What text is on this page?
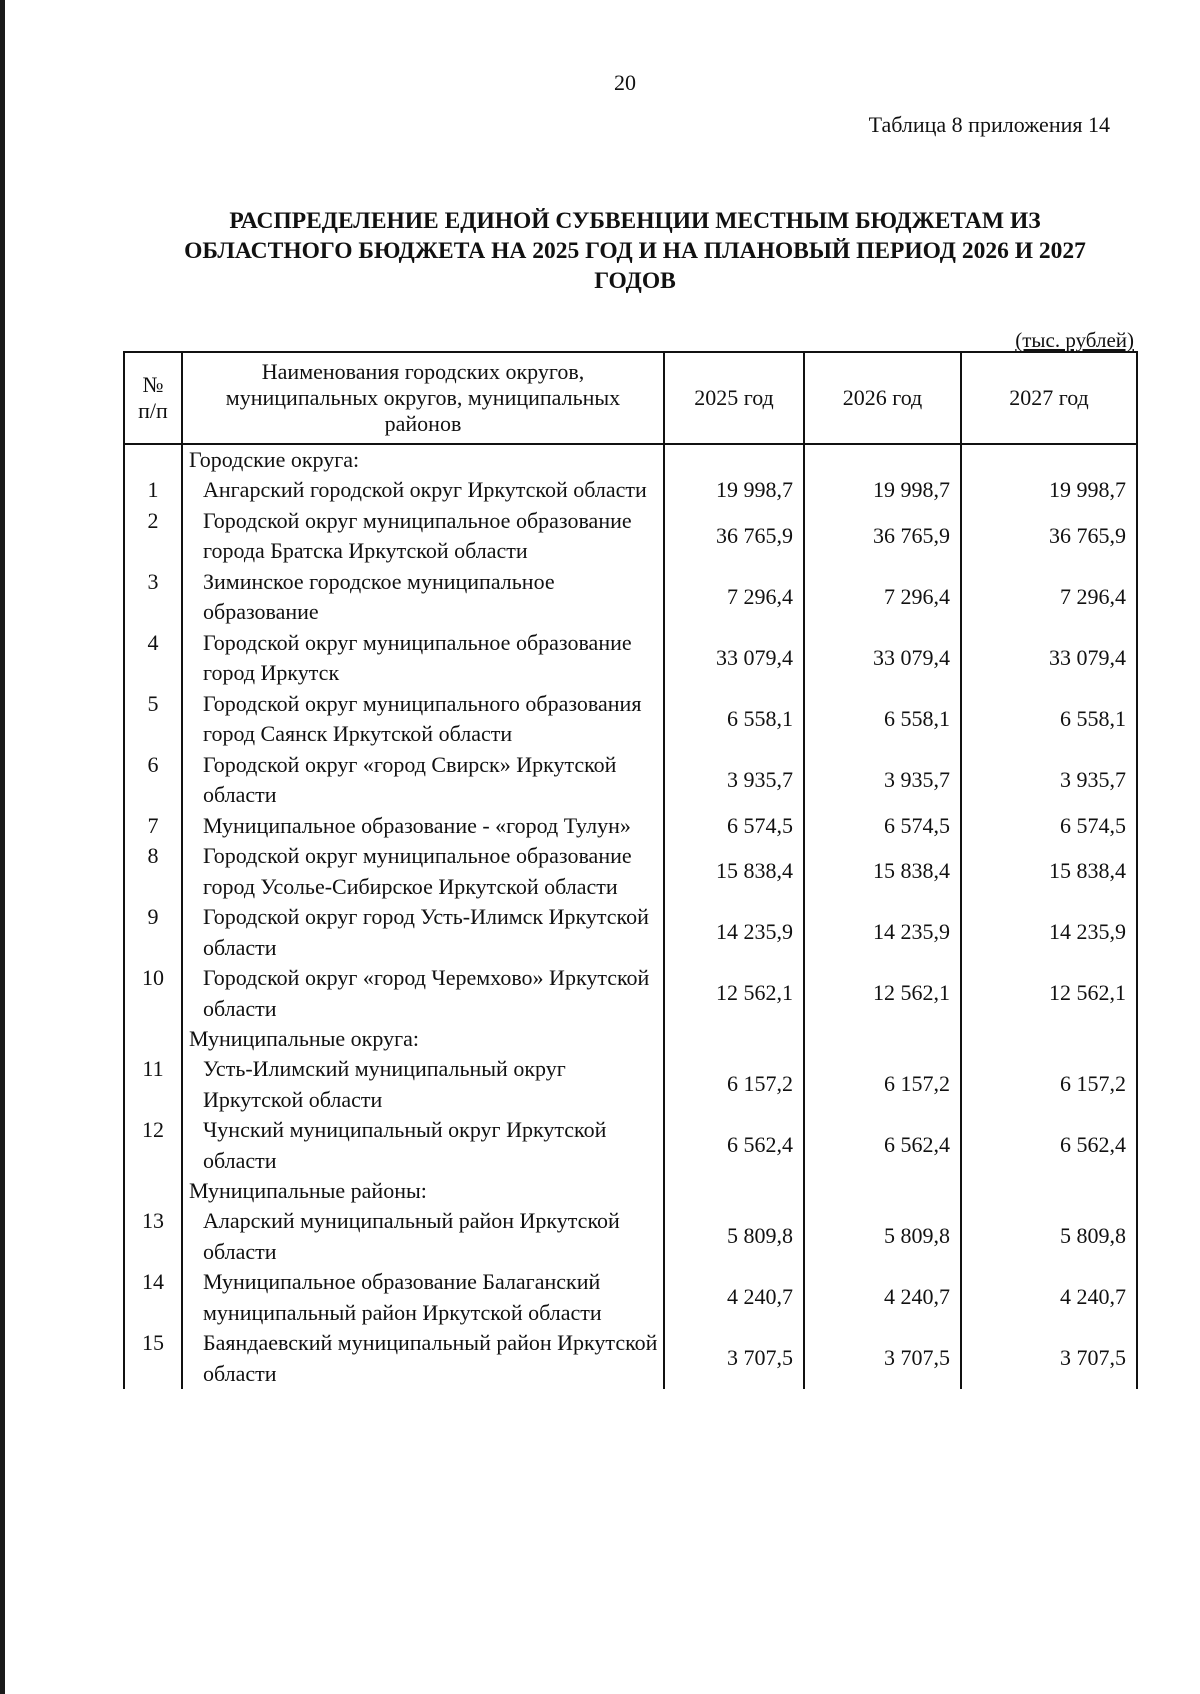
20
Таблица 8 приложения 14
РАСПРЕДЕЛЕНИЕ ЕДИНОЙ СУБВЕНЦИИ МЕСТНЫМ БЮДЖЕТАМ ИЗ ОБЛАСТНОГО БЮДЖЕТА НА 2025 ГОД И НА ПЛАНОВЫЙ ПЕРИОД 2026 И 2027 ГОДОВ
(тыс. рублей)
№ п/п	Наименования городских округов, муниципальных округов, муниципальных районов	2025 год	2026 год	2027 год
	Городские округа:			
1	Ангарский городской округ Иркутской области	19 998,7	19 998,7	19 998,7
2	Городской округ муниципальное образование города Братска Иркутской области	36 765,9	36 765,9	36 765,9
3	Зиминское городское муниципальное образование	7 296,4	7 296,4	7 296,4
4	Городской округ муниципальное образование город Иркутск	33 079,4	33 079,4	33 079,4
5	Городской округ муниципального образования город Саянск Иркутской области	6 558,1	6 558,1	6 558,1
6	Городской округ «город Свирск» Иркутской области	3 935,7	3 935,7	3 935,7
7	Муниципальное образование - «город Тулун»	6 574,5	6 574,5	6 574,5
8	Городской округ муниципальное образование город Усолье-Сибирское Иркутской области	15 838,4	15 838,4	15 838,4
9	Городской округ город Усть-Илимск Иркутской области	14 235,9	14 235,9	14 235,9
10	Городской округ «город Черемхово» Иркутской области	12 562,1	12 562,1	12 562,1
	Муниципальные округа:			
11	Усть-Илимский муниципальный округ Иркутской области	6 157,2	6 157,2	6 157,2
12	Чунский муниципальный округ Иркутской области	6 562,4	6 562,4	6 562,4
	Муниципальные районы:			
13	Аларский муниципальный район Иркутской области	5 809,8	5 809,8	5 809,8
14	Муниципальное образование Балаганский муниципальный район Иркутской области	4 240,7	4 240,7	4 240,7
15	Баяндаевский муниципальный район Иркутской области	3 707,5	3 707,5	3 707,5
